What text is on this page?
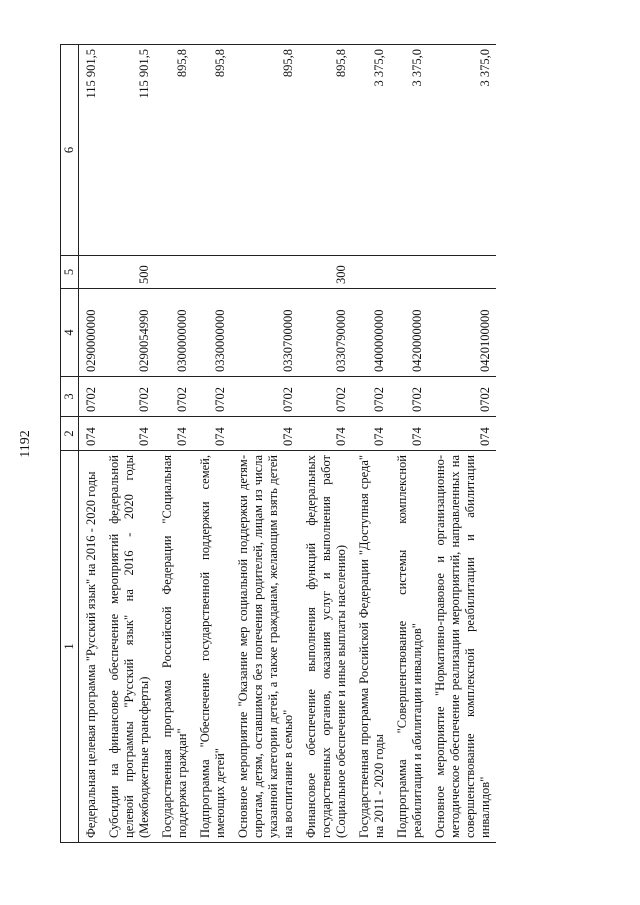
1192
1	2	3	4	5	6
Федеральная целевая программа "Русский язык" на 2016 - 2020 годы	074	0702	0290000000		115 901,5
Субсидии на финансовое обеспечение мероприятий федеральной целевой программы "Русский язык" на 2016 - 2020 годы (Межбюджетные трансферты)	074	0702	0290054990	500	115 901,5
Государственная программа Российской Федерации "Социальная поддержка граждан"	074	0702	0300000000		895,8
Подпрограмма "Обеспечение государственной поддержки семей, имеющих детей"	074	0702	0330000000		895,8
Основное мероприятие "Оказание мер социальной поддержки детям-сиротам, детям, оставшимся без попечения родителей, лицам из числа указанной категории детей, а также гражданам, желающим взять детей на воспитание в семью"	074	0702	0330700000		895,8
Финансовое обеспечение выполнения функций федеральных государственных органов, оказания услуг и выполнения работ (Социальное обеспечение и иные выплаты населению)	074	0702	0330790000	300	895,8
Государственная программа Российской Федерации "Доступная среда" на 2011 - 2020 годы	074	0702	0400000000		3 375,0
Подпрограмма "Совершенствование системы комплексной реабилитации и абилитации инвалидов"	074	0702	0420000000		3 375,0
Основное мероприятие "Нормативно-правовое и организационно-методическое обеспечение реализации мероприятий, направленных на совершенствование комплексной реабилитации и абилитации инвалидов"	074	0702	0420100000		3 375,0
